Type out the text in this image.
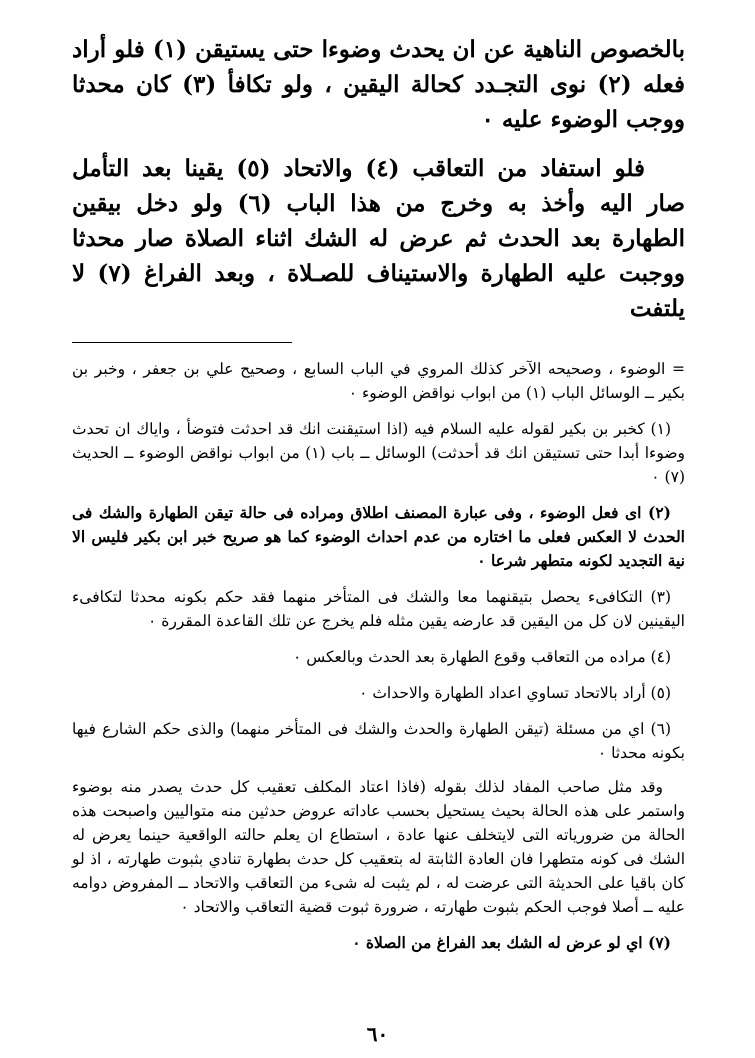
بالخصوص الناهية عن ان يحدث وضوءا حتى يستيقن (١) فلو أراد فعله (٢) نوى التجـدد كحالة اليقين ، ولو تكافأ (٣) كان محدثا ووجب الوضوء عليه ٠

فلو استفاد من التعاقب (٤) والاتحاد (٥) يقينا بعد التأمل صار اليه وأخذ به وخرج من هذا الباب (٦) ولو دخل بيقين الطهارة بعد الحدث ثم عرض له الشك اثناء الصلاة صار محدثا ووجبت عليه الطهارة والاستيناف للصـلاة ، وبعد الفراغ (٧) لا يلتفت

= الوضوء ، وصحيحه الآخر كذلك المروي في الباب السابع ، وصحيح علي بن جعفر ، وخبر بن بكير ــ الوسائل الباب (١) من ابواب نواقض الوضوء ٠

(١) كخبر بن بكير لقوله عليه السلام فيه (اذا استيقنت انك قد احدثت فتوضأ ، واياك ان تحدث وضوءا أبدا حتى تستيقن انك قد أحدثت) الوسائل ــ باب (١) من ابواب نواقض الوضوء ــ الحديث (٧) ٠

(٢) اى فعل الوضوء ، وفى عبارة المصنف اطلاق ومراده فى حالة تيقن الطهارة والشك فى الحدث لا العكس فعلى ما اختاره من عدم احداث الوضوء كما هو صريح خبر ابن بكير فليس الا نية التجديد لكونه متطهر شرعا ٠

(٣) التكافىء يحصل بتيقنهما معا والشك فى المتأخر منهما فقد حكم بكونه محدثا لتكافىء اليقينين لان كل من اليقين قد عارضه يقين مثله فلم يخرج عن تلك القاعدة المقررة ٠

(٤) مراده من التعاقب وقوع الطهارة بعد الحدث وبالعكس ٠

(٥) أراد بالاتحاد تساوي اعداد الطهارة والاحداث ٠

(٦) اي من مسئلة (تيقن الطهارة والحدث والشك فى المتأخر منهما) والذى حكم الشارع فيها بكونه محدثا ٠

وقد مثل صاحب المفاد لذلك بقوله (فاذا اعتاد المكلف تعقيب كل حدث يصدر منه بوضوء واستمر على هذه الحالة بحيث يستحيل بحسب عاداته عروض حدثين منه متواليين واصبحت هذه الحالة من ضرورياته التى لايتخلف عنها عادة ، استطاع ان يعلم حالته الواقعية حينما يعرض له الشك فى كونه متطهرا فان العادة الثابتة له بتعقيب كل حدث بطهارة تنادي بثبوت طهارته ، اذ لو كان باقيا على الحديثة التى عرضت له ، لم يثبت له شىء من التعاقب والاتحاد ــ المفروض دوامه عليه ــ أصلا فوجب الحكم بثبوت طهارته ، ضرورة ثبوت قضية التعاقب والاتحاد ٠

(٧) اي لو عرض له الشك بعد الفراغ من الصلاة ٠

٦٠
